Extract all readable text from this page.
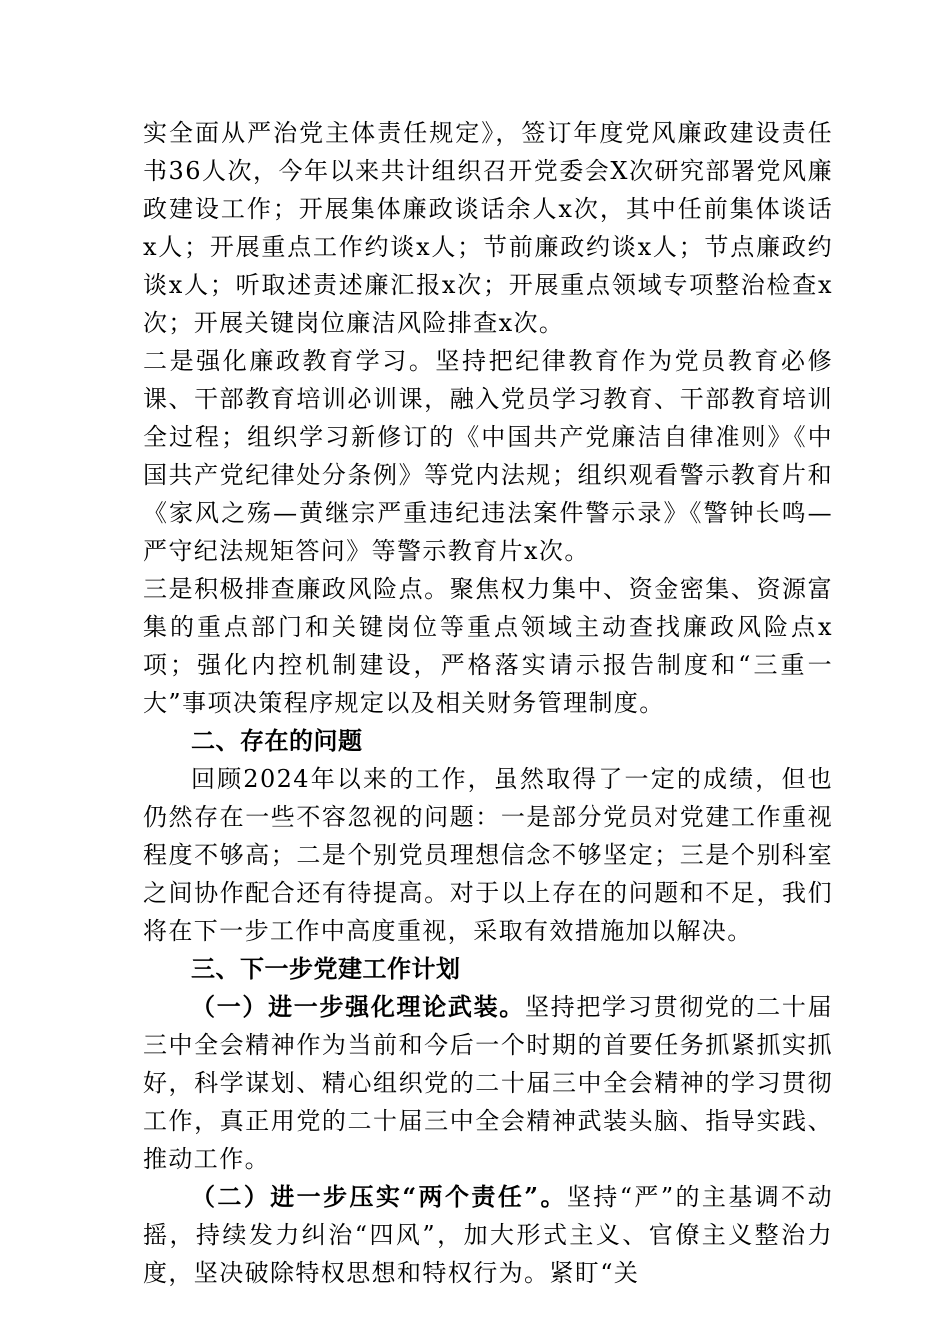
实全面从严治党主体责任规定》，签订年度党风廉政建设责任书36人次，今年以来共计组织召开党委会X次研究部署党风廉政建设工作；开展集体廉政谈话余人x次，其中任前集体谈话x人；开展重点工作约谈x人；节前廉政约谈x人；节点廉政约谈x人；听取述责述廉汇报x次；开展重点领域专项整治检查x次；开展关键岗位廉洁风险排查x次。

二是强化廉政教育学习。坚持把纪律教育作为党员教育必修课、干部教育培训必训课，融入党员学习教育、干部教育培训全过程；组织学习新修订的《中国共产党廉洁自律准则》《中国共产党纪律处分条例》等党内法规；组织观看警示教育片和《家风之殇—黄继宗严重违纪违法案件警示录》《警钟长鸣—严守纪法规矩答问》等警示教育片x次。

三是积极排查廉政风险点。聚焦权力集中、资金密集、资源富集的重点部门和关键岗位等重点领域主动查找廉政风险点x项；强化内控机制建设，严格落实请示报告制度和“三重一大”事项决策程序规定以及相关财务管理制度。

二、存在的问题

回顾2024年以来的工作，虽然取得了一定的成绩，但也仍然存在一些不容忽视的问题：一是部分党员对党建工作重视程度不够高；二是个别党员理想信念不够坚定；三是个别科室之间协作配合还有待提高。对于以上存在的问题和不足，我们将在下一步工作中高度重视，采取有效措施加以解决。

三、下一步党建工作计划

（一）进一步强化理论武装。坚持把学习贯彻党的二十届三中全会精神作为当前和今后一个时期的首要任务抓紧抓实抓好，科学谋划、精心组织党的二十届三中全会精神的学习贯彻工作，真正用党的二十届三中全会精神武装头脑、指导实践、推动工作。

（二）进一步压实“两个责任”。坚持“严”的主基调不动摇，持续发力纠治“四风”，加大形式主义、官僚主义整治力度，坚决破除特权思想和特权行为。紧盯“关
